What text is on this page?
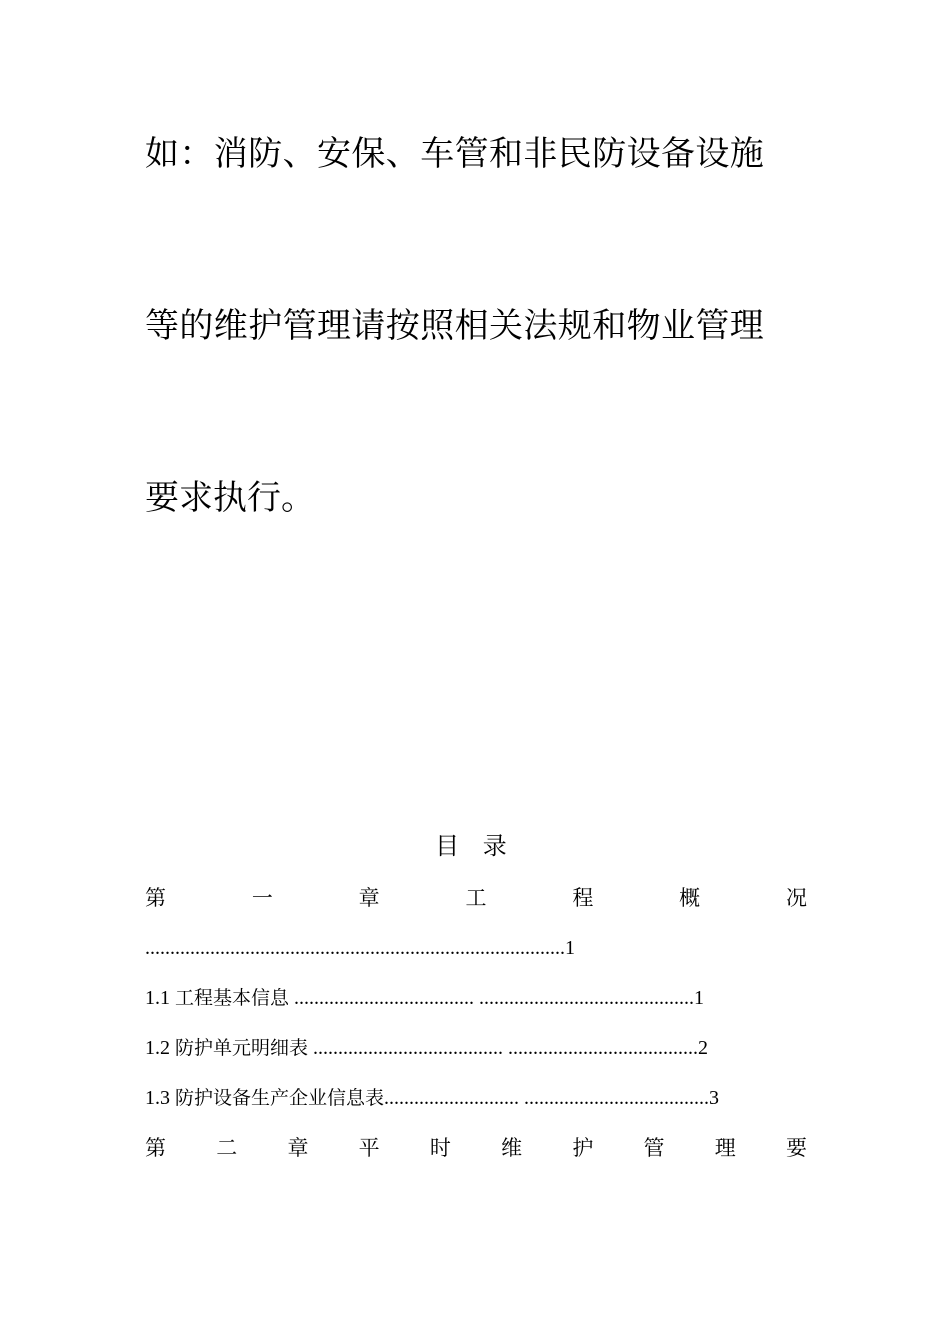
如：消防、安保、车管和非民防设备设施
等的维护管理请按照相关法规和物业管理
要求执行。
目 录
第	一	章	工	程	概	况
....................................................................................1
1.1 工程基本信息 .................................... ...........................................1
1.2 防护单元明细表 ...................................... ......................................2
1.3 防护设备生产企业信息表........................... .....................................3
第 二 章 平 时 维 护 管 理 要
